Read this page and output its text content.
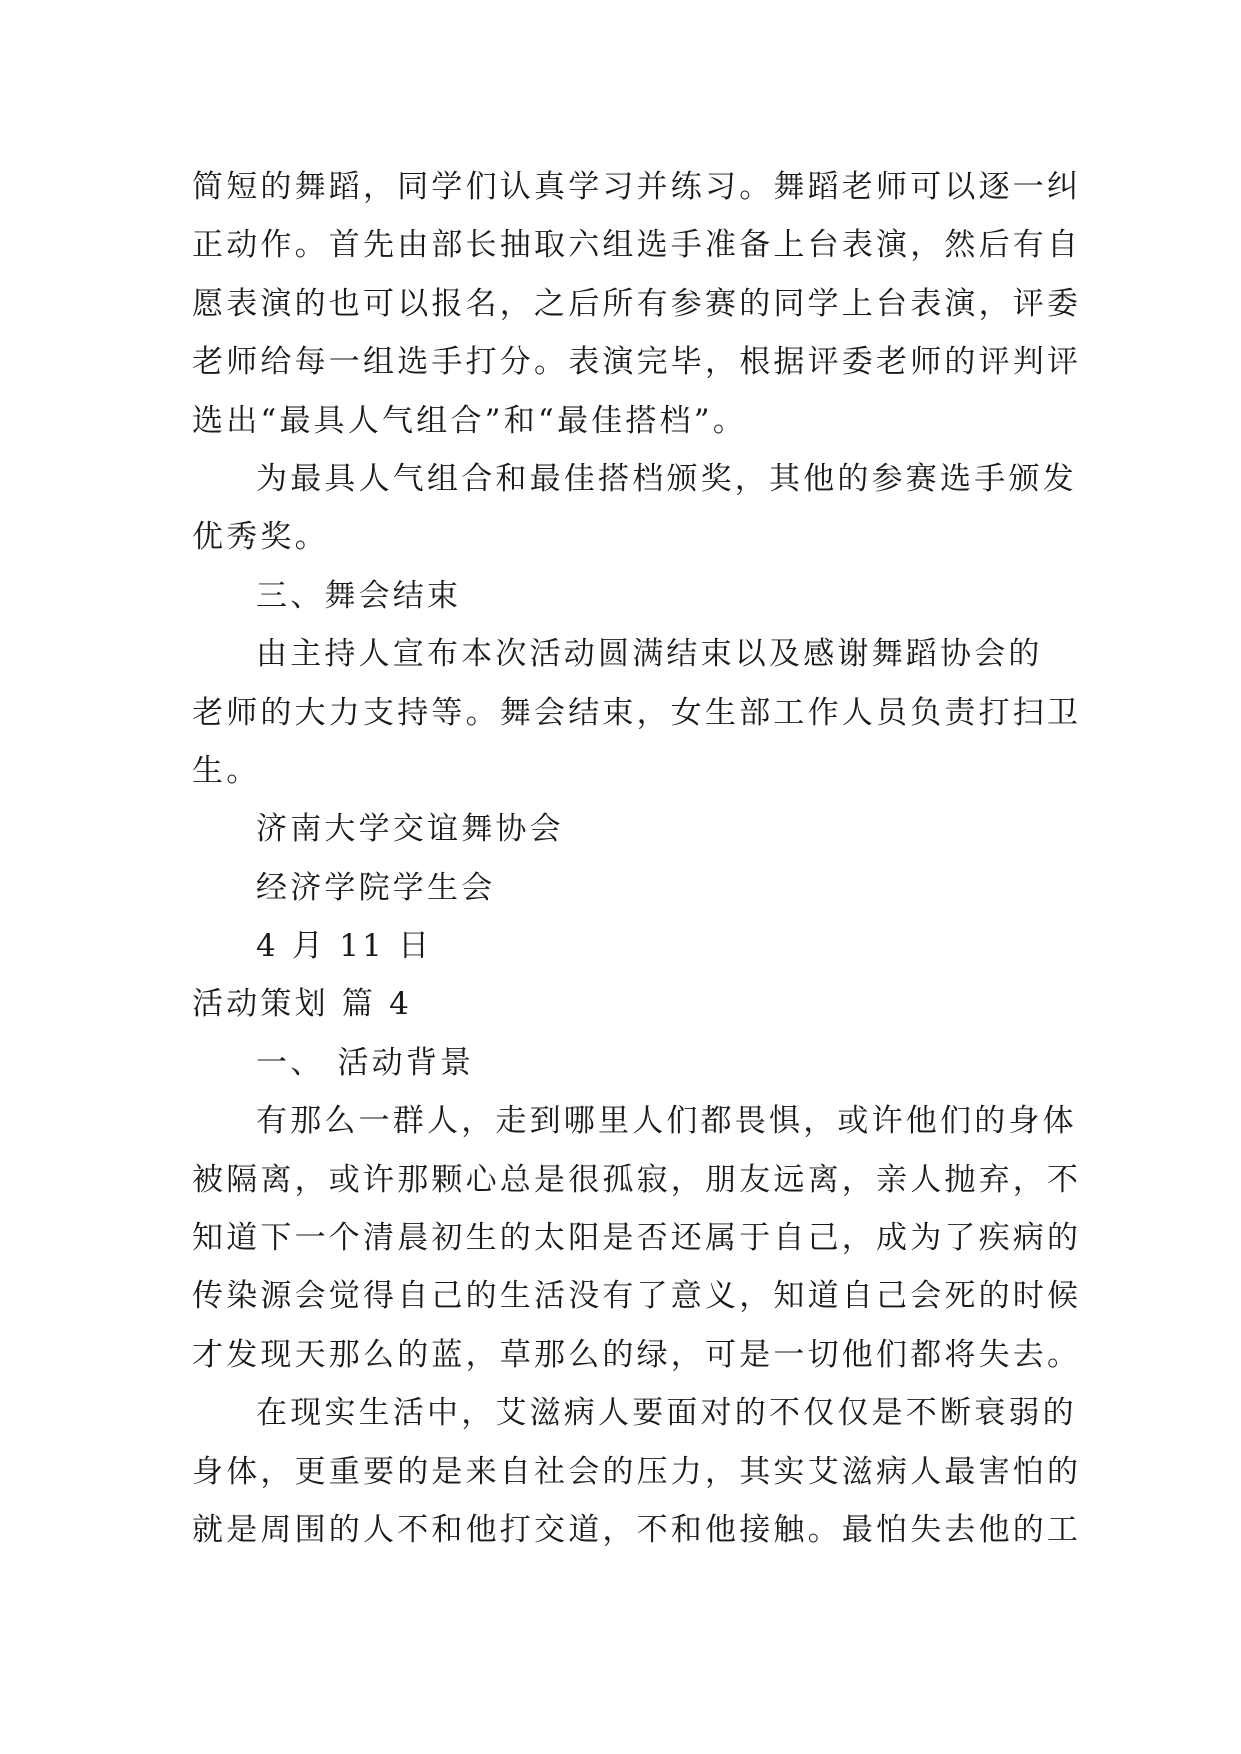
简短的舞蹈，同学们认真学习并练习。舞蹈老师可以逐一纠
正动作。首先由部长抽取六组选手准备上台表演，然后有自
愿表演的也可以报名，之后所有参赛的同学上台表演，评委
老师给每一组选手打分。表演完毕，根据评委老师的评判评
选出“最具人气组合”和“最佳搭档”。
为最具人气组合和最佳搭档颁奖，其他的参赛选手颁发
优秀奖。
三、舞会结束
由主持人宣布本次活动圆满结束以及感谢舞蹈协会的
老师的大力支持等。舞会结束，女生部工作人员负责打扫卫
生。
济南大学交谊舞协会
经济学院学生会
4 月 11 日
活动策划 篇 4
一、 活动背景
有那么一群人，走到哪里人们都畏惧，或许他们的身体
被隔离，或许那颗心总是很孤寂，朋友远离，亲人抛弃，不
知道下一个清晨初生的太阳是否还属于自己，成为了疾病的
传染源会觉得自己的生活没有了意义，知道自己会死的时候
才发现天那么的蓝，草那么的绿，可是一切他们都将失去。
在现实生活中，艾滋病人要面对的不仅仅是不断衰弱的
身体，更重要的是来自社会的压力，其实艾滋病人最害怕的
就是周围的人不和他打交道，不和他接触。最怕失去他的工
